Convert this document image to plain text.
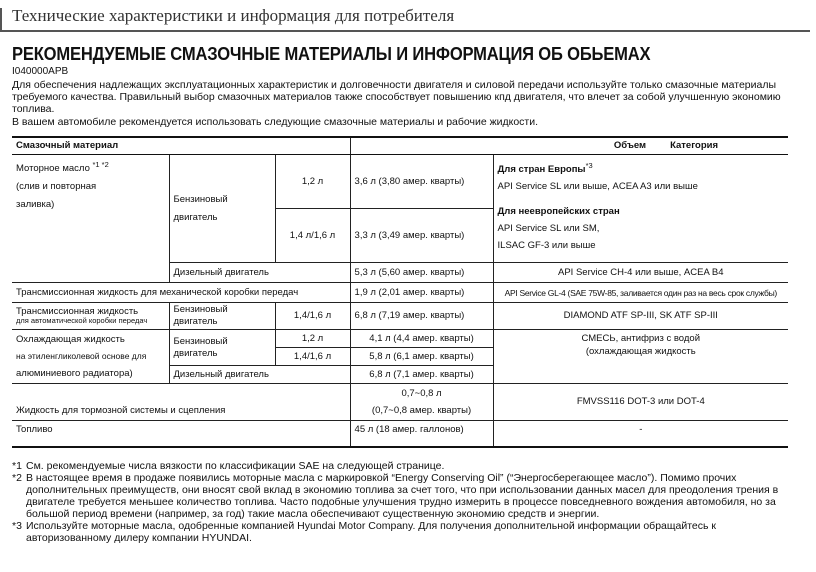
Технические характеристики и информация для потребителя
РЕКОМЕНДУЕМЫЕ СМАЗОЧНЫЕ МАТЕРИАЛЫ И ИНФОРМАЦИЯ ОБ ОБЬЕМАХ
I040000APB
Для обеспечения надлежащих эксплуатационных характеристик и долговечности двигателя и силовой передачи используйте только смазочные материалы требуемого качества. Правильный выбор смазочных материалов также способствует повышению кпд двигателя, что влечет за собой улучшенную экономию топлива.
В вашем автомобиле рекомендуется использовать следующие смазочные материалы и рабочие жидкости.
Смазочный материал			Объем Категория	
Моторное масло $^{*1 *2}$
(слив и повторная
заливка)	Бензиновый
двигатель	1,2 л	3,6 л (3,80 амер. кварты)	Для стран Европы$^{*3}$
API Service SL или выше, ACEA A3 или выше

Для неевропейских стран
API Service SL или SM,
ILSAC GF-3 или выше
		1,4 л/1,6 л	3,3 л (3,49 амер. кварты)	
	Дизельный двигатель		5,3 л (5,60 амер. кварты)	API Service CH-4 или выше, ACEA B4
Трансмиссионная жидкость для механической коробки передач			1,9 л (2,01 амер. кварты)	API Service GL-4 (SAE 75W-85, заливается один раз на весь срок службы)
Трансмиссионная жидкость
для автоматической коробки передач	Бензиновый двигатель	1,4/1,6 л	6,8 л (7,19 амер. кварты)	DIAMOND ATF SP-III, SK ATF SP-III
Охлаждающая жидкость
на этиленгликолевой основе для
алюминиевого радиатора)	Бензиновый двигатель	1,2 л	4,1 л (4,4 амер. кварты)	СМЕСЬ, антифриз с водой
(охлаждающая жидкость
		1,4/1,6 л	5,8 л (6,1 амер. кварты)	
	Дизельный двигатель		6,8 л (7,1 амер. кварты)	
Жидкость для тормозной системы и сцепления			0,7~0,8 л
(0,7~0,8 амер. кварты)	FMVSS116 DOT-3 или DOT-4
Топливо			45 л (18 амер. галлонов)	-
*1 См. рекомендуемые числа вязкости по классификации SAE на следующей странице.
*2 В настоящее время в продаже появились моторные масла с маркировкой “Energy Conserving Oil” (“Энергосберегающее масло”). Помимо прочих дополнительных преимуществ, они вносят свой вклад в экономию топлива за счет того, что при использовании данных масел для преодоления трения в двигателе требуется меньшее количество топлива. Часто подобные улучшения трудно измерить в процессе повседневного вождения автомобиля, но за большой период времени (например, за год) такие масла обеспечивают существенную экономию средств и энергии.
*3 Используйте моторные масла, одобренные компанией Hyundai Motor Company. Для получения дополнительной информации обращайтесь к авторизованному дилеру компании HYUNDAI.
